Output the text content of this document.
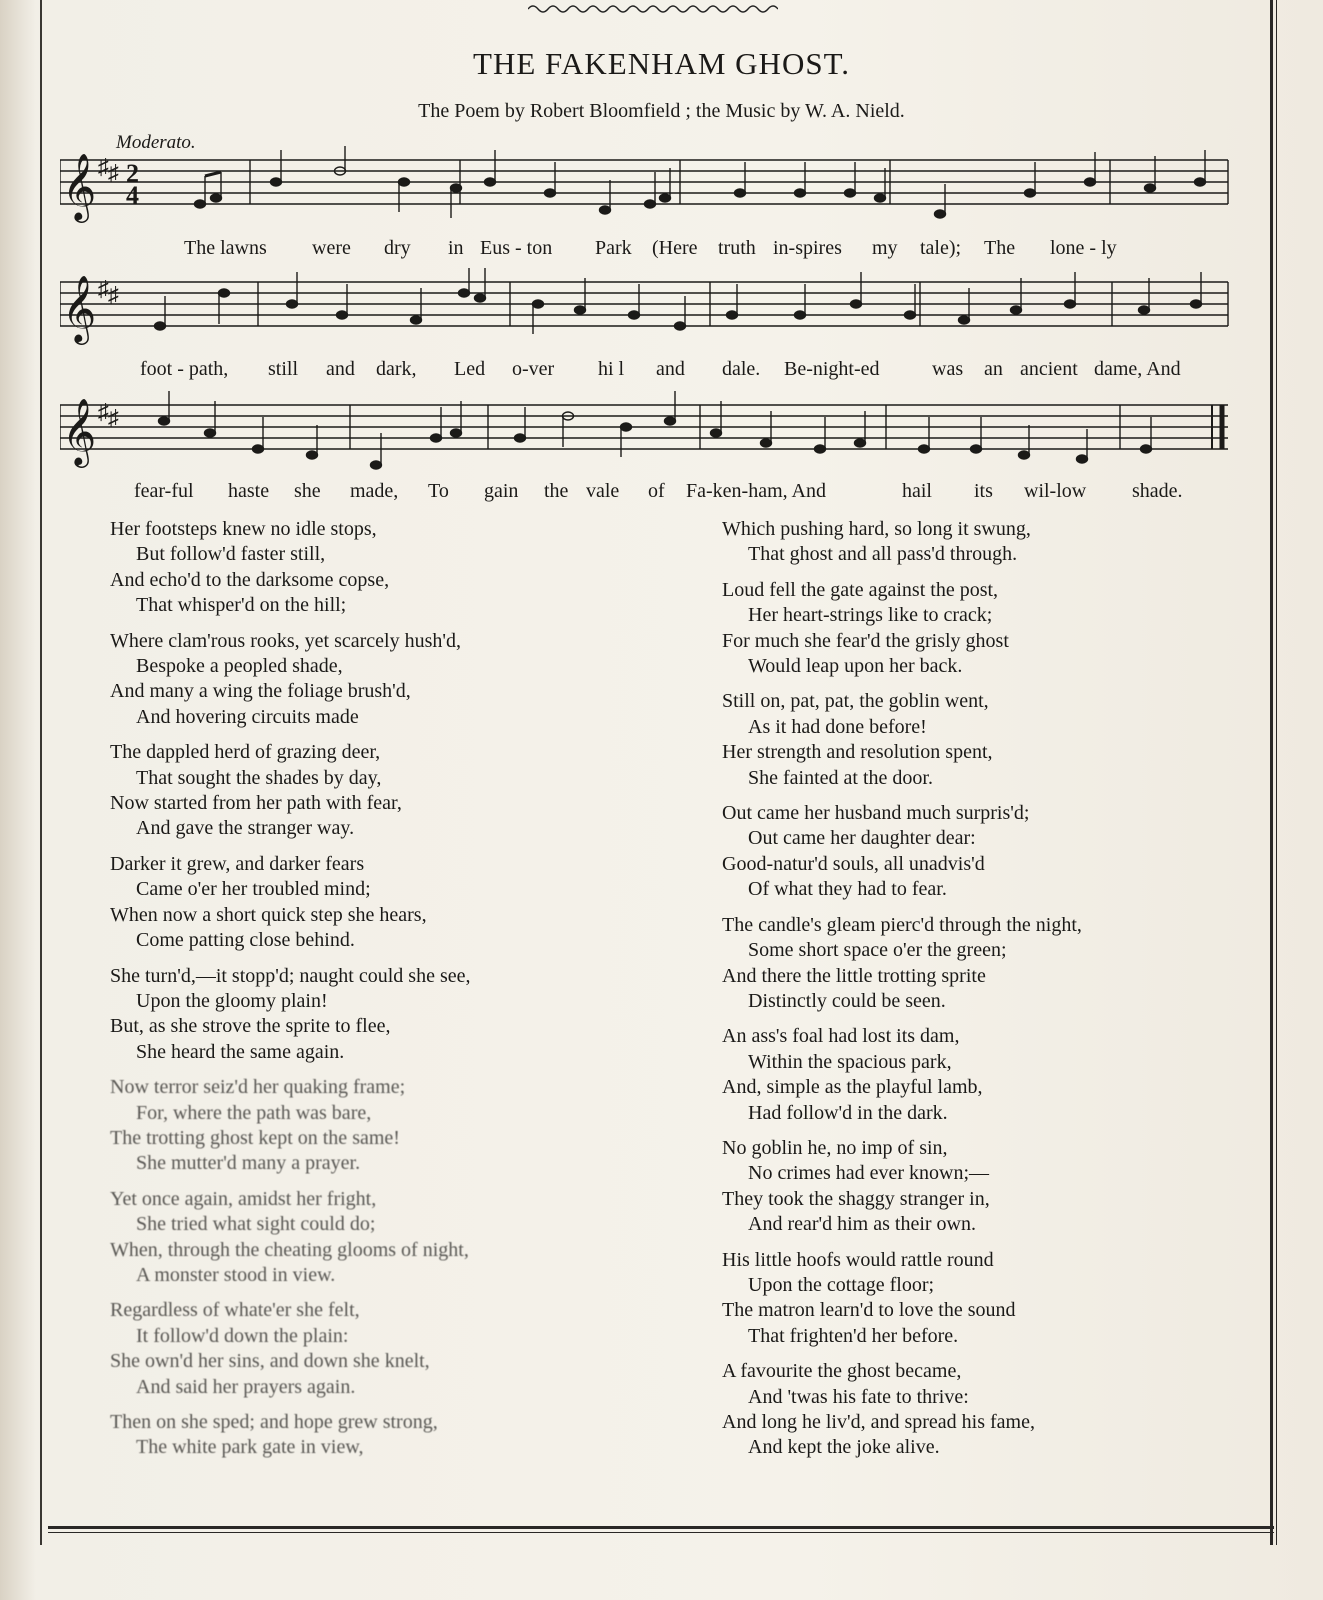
THE FAKENHAM GHOST.
The Poem by Robert Bloomfield ; the Music by W. A. Nield.
Moderato.
𝄞 ♯ ♯ 2
4
The lawns were dry in Eus - ton Park (Here truth in-spires my tale); The lone - ly
𝄞 ♯ ♯
foot - path, still and dark, Led o-ver hi l and dale. Be-night-ed	was an ancient dame, And
𝄞 ♯ ♯
fear-ful haste she made, To gain the vale of Fa-ken-ham, And	hail its wil-low shade.
Her footsteps knew no idle stops,
But follow'd faster still,
And echo'd to the darksome copse,
That whisper'd on the hill;
Where clam'rous rooks, yet scarcely hush'd,
Bespoke a peopled shade,
And many a wing the foliage brush'd,
And hovering circuits made
The dappled herd of grazing deer,
That sought the shades by day,
Now started from her path with fear,
And gave the stranger way.
Darker it grew, and darker fears
Came o'er her troubled mind;
When now a short quick step she hears,
Come patting close behind.
She turn'd,—it stopp'd; naught could she see,
Upon the gloomy plain!
But, as she strove the sprite to flee,
She heard the same again.
Now terror seiz'd her quaking frame;
For, where the path was bare,
The trotting ghost kept on the same!
She mutter'd many a prayer.
Yet once again, amidst her fright,
She tried what sight could do;
When, through the cheating glooms of night,
A monster stood in view.
Regardless of whate'er she felt,
It follow'd down the plain:
She own'd her sins, and down she knelt,
And said her prayers again.
Then on she sped; and hope grew strong,
The white park gate in view,
Which pushing hard, so long it swung,
That ghost and all pass'd through.
Loud fell the gate against the post,
Her heart-strings like to crack;
For much she fear'd the grisly ghost
Would leap upon her back.
Still on, pat, pat, the goblin went,
As it had done before!
Her strength and resolution spent,
She fainted at the door.
Out came her husband much surpris'd;
Out came her daughter dear:
Good-natur'd souls, all unadvis'd
Of what they had to fear.
The candle's gleam pierc'd through the night,
Some short space o'er the green;
And there the little trotting sprite
Distinctly could be seen.
An ass's foal had lost its dam,
Within the spacious park,
And, simple as the playful lamb,
Had follow'd in the dark.
No goblin he, no imp of sin,
No crimes had ever known;—
They took the shaggy stranger in,
And rear'd him as their own.
His little hoofs would rattle round
Upon the cottage floor;
The matron learn'd to love the sound
That frighten'd her before.
A favourite the ghost became,
And 'twas his fate to thrive:
And long he liv'd, and spread his fame,
And kept the joke alive.
